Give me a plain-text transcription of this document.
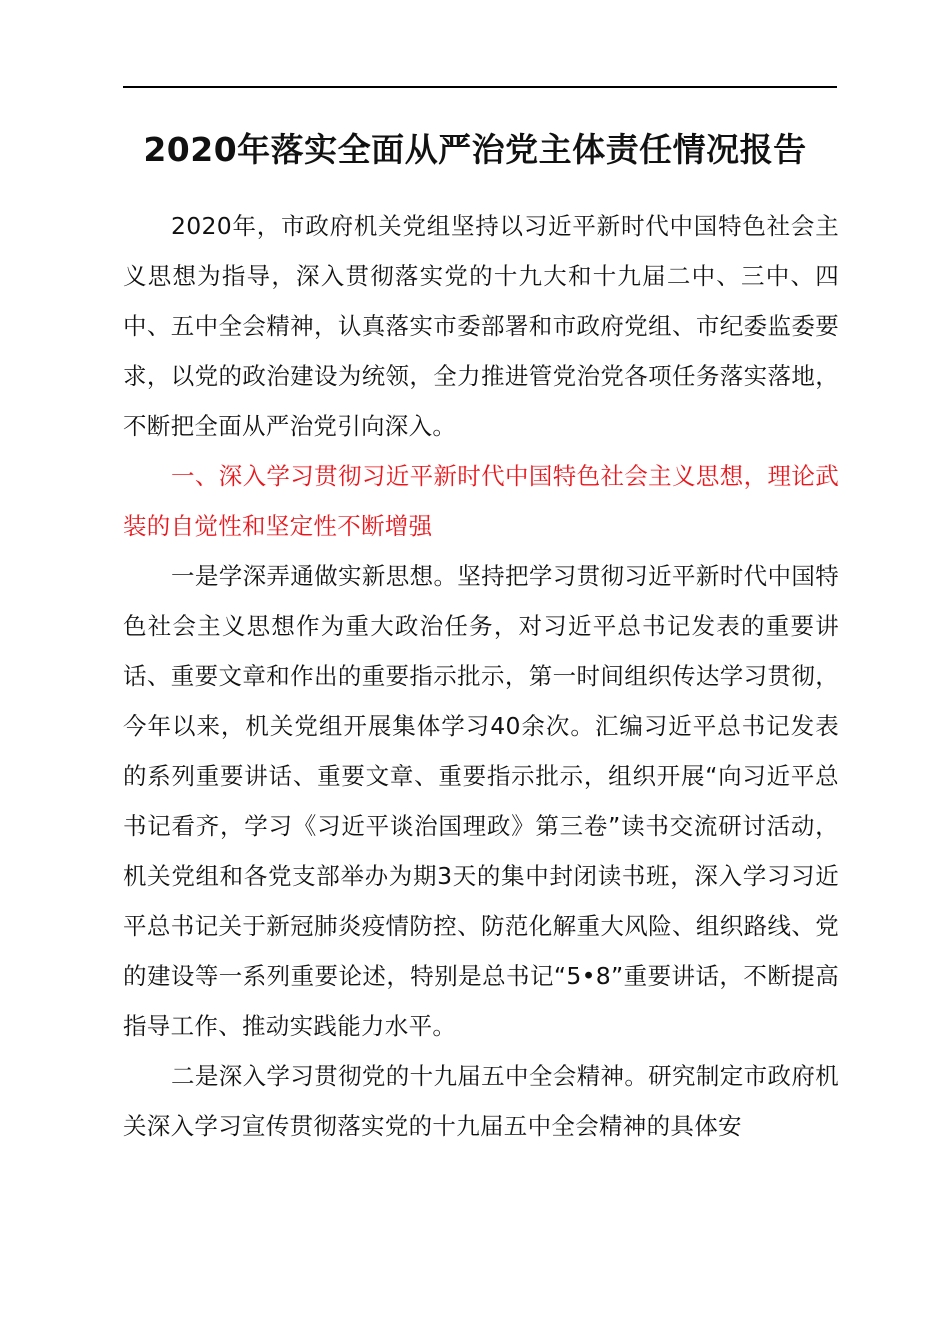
2020年落实全面从严治党主体责任情况报告

2020年，市政府机关党组坚持以习近平新时代中国特色社会主义思想为指导，深入贯彻落实党的十九大和十九届二中、三中、四中、五中全会精神，认真落实市委部署和市政府党组、市纪委监委要求，以党的政治建设为统领，全力推进管党治党各项任务落实落地，不断把全面从严治党引向深入。

一、深入学习贯彻习近平新时代中国特色社会主义思想，理论武装的自觉性和坚定性不断增强

一是学深弄通做实新思想。坚持把学习贯彻习近平新时代中国特色社会主义思想作为重大政治任务，对习近平总书记发表的重要讲话、重要文章和作出的重要指示批示，第一时间组织传达学习贯彻，今年以来，机关党组开展集体学习40余次。汇编习近平总书记发表的系列重要讲话、重要文章、重要指示批示，组织开展“向习近平总书记看齐，学习《习近平谈治国理政》第三卷”读书交流研讨活动，机关党组和各党支部举办为期3天的集中封闭读书班，深入学习习近平总书记关于新冠肺炎疫情防控、防范化解重大风险、组织路线、党的建设等一系列重要论述，特别是总书记“5•8”重要讲话，不断提高指导工作、推动实践能力水平。

二是深入学习贯彻党的十九届五中全会精神。研究制定市政府机关深入学习宣传贯彻落实党的十九届五中全会精神的具体安
